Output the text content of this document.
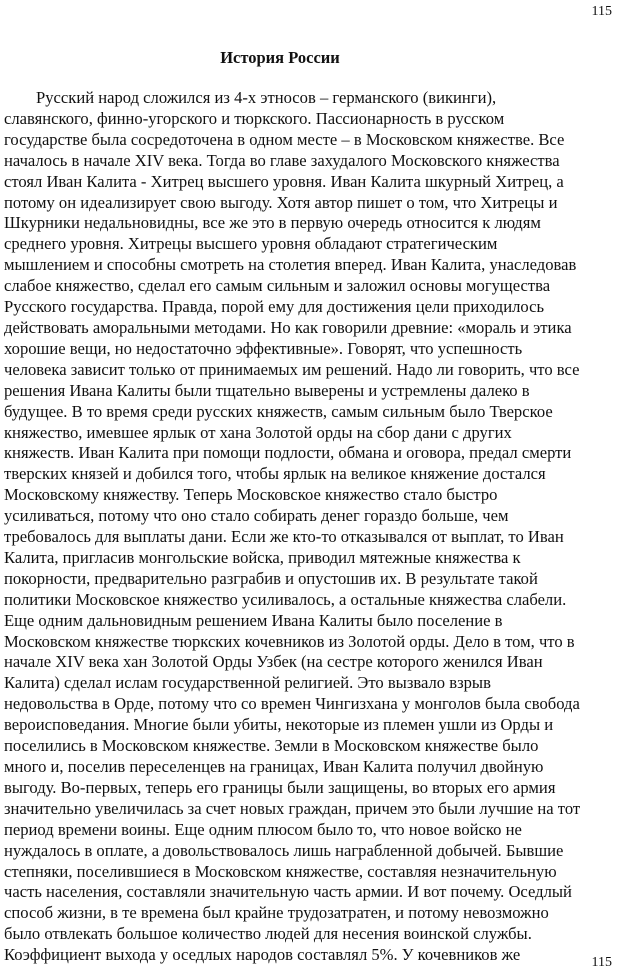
115
История России
Русский народ сложился из 4-х этносов – германского (викинги),
славянского, финно-угорского и тюркского. Пассионарность в русском
государстве была сосредоточена в одном месте – в Московском княжестве. Все
началось в начале XIV века. Тогда во главе захудалого Московского княжества
стоял Иван Калита - Хитрец высшего уровня. Иван Калита шкурный Хитрец, а
потому он идеализирует свою выгоду. Хотя автор пишет о том, что Хитрецы и
Шкурники недальновидны, все же это в первую очередь относится к людям
среднего уровня. Хитрецы высшего уровня обладают стратегическим
мышлением и способны смотреть на столетия вперед. Иван Калита, унаследовав
слабое княжество, сделал его самым сильным и заложил основы могущества
Русского государства. Правда, порой ему для достижения цели приходилось
действовать аморальными методами. Но как говорили древние: «мораль и этика
хорошие вещи, но недостаточно эффективные». Говорят, что успешность
человека зависит только от принимаемых им решений. Надо ли говорить, что все
решения Ивана Калиты были тщательно выверены и устремлены далеко в
будущее. В то время среди русских княжеств, самым сильным было Тверское
княжество, имевшее ярлык от хана Золотой орды на сбор дани с других
княжеств. Иван Калита при помощи подлости, обмана и оговора, предал смерти
тверских князей и добился того, чтобы ярлык на великое княжение достался
Московскому княжеству. Теперь Московское княжество стало быстро
усиливаться, потому что оно стало собирать денег гораздо больше, чем
требовалось для выплаты дани. Если же кто-то отказывался от выплат, то Иван
Калита, пригласив монгольские войска, приводил мятежные княжества к
покорности, предварительно разграбив и опустошив их. В результате такой
политики Московское княжество усиливалось, а остальные княжества слабели.
Еще одним дальновидным решением Ивана Калиты было поселение в
Московском княжестве тюркских кочевников из Золотой орды. Дело в том, что в
начале XIV века хан Золотой Орды Узбек (на сестре которого женился Иван
Калита) сделал ислам государственной религией. Это вызвало взрыв
недовольства в Орде, потому что со времен Чингизхана у монголов была свобода
вероисповедания. Многие были убиты, некоторые из племен ушли из Орды и
поселились в Московском княжестве. Земли в Московском княжестве было
много и, поселив переселенцев на границах, Иван Калита получил двойную
выгоду. Во-первых, теперь его границы были защищены, во вторых его армия
значительно увеличилась за счет новых граждан, причем это были лучшие на тот
период времени воины. Еще одним плюсом было то, что новое войско не
нуждалось в оплате, а довольствовалось лишь награбленной добычей. Бывшие
степняки, поселившиеся в Московском княжестве, составляя незначительную
часть населения, составляли значительную часть армии. И вот почему. Оседлый
способ жизни, в те времена был крайне трудозатратен, и потому невозможно
было отвлекать большое количество людей для несения воинской службы.
Коэффициент выхода у оседлых народов составлял 5%. У кочевников же	115
